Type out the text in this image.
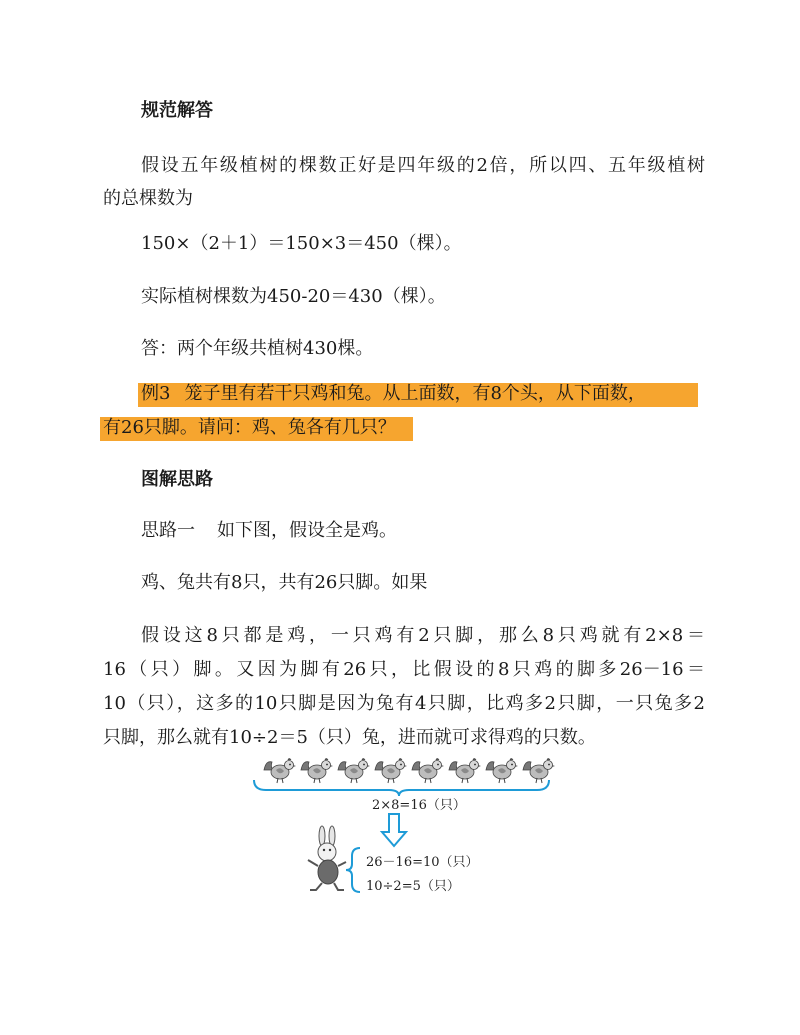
规范解答
假设五年级植树的棵数正好是四年级的2倍，所以四、五年级植树
的总棵数为
150×（2＋1）＝150×3＝450（棵）。
实际植树棵数为450-20＝430（棵）。
答：两个年级共植树430棵。
例3 笼子里有若干只鸡和兔。从上面数，有8个头，从下面数，
有26只脚。请问：鸡、兔各有几只？
图解思路
思路一 如下图，假设全是鸡。
鸡、兔共有8只，共有26只脚。如果
假设这8只都是鸡，一只鸡有2只脚，那么8只鸡就有2×8＝
16（只）脚。又因为脚有26只，比假设的8只鸡的脚多26－16＝
10（只），这多的10只脚是因为兔有4只脚，比鸡多2只脚，一只兔多2
只脚，那么就有10÷2＝5（只）兔，进而就可求得鸡的只数。
2×8=16（只）
26－16=10（只）
10÷2=5（只）
